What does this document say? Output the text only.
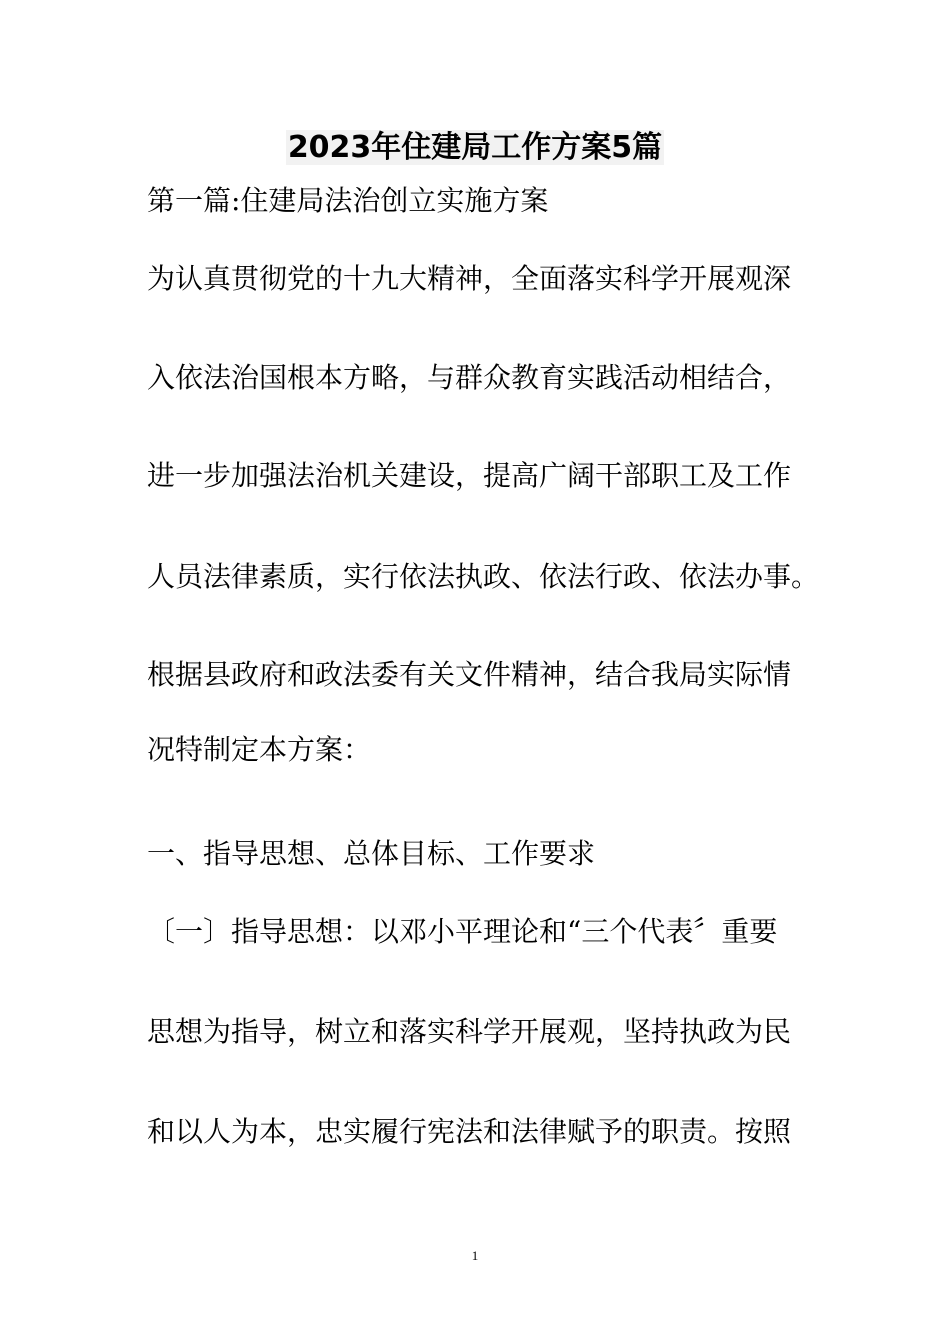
2023年住建局工作方案5篇
第一篇:住建局法治创立实施方案
为认真贯彻党的十九大精神，全面落实科学开展观深
入依法治国根本方略，与群众教育实践活动相结合，
进一步加强法治机关建设，提高广阔干部职工及工作
人员法律素质，实行依法执政、依法行政、依法办事。
根据县政府和政法委有关文件精神，结合我局实际情
况特制定本方案：
一、指导思想、总体目标、工作要求
〔一〕指导思想：以邓小平理论和“三个代表〞重要
思想为指导，树立和落实科学开展观，坚持执政为民
和以人为本，忠实履行宪法和法律赋予的职责。按照
1
